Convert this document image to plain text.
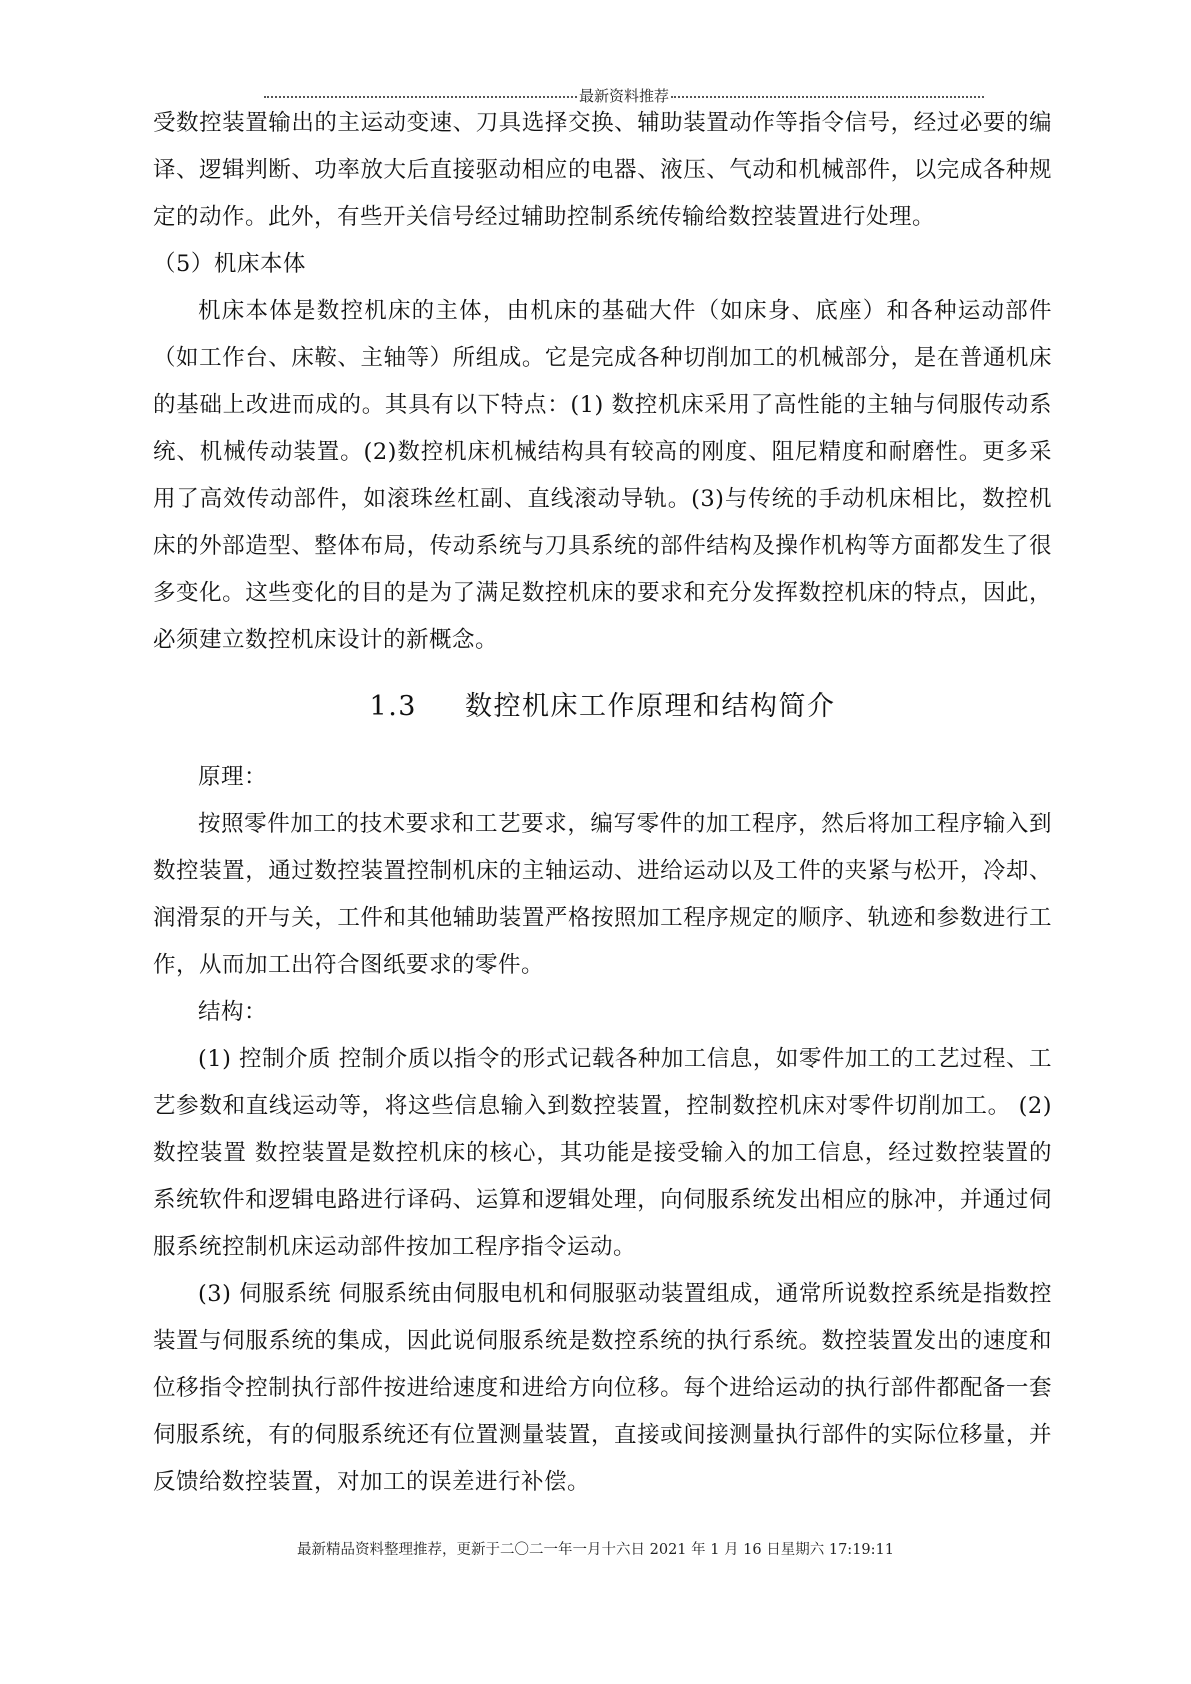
最新资料推荐

受数控装置输出的主运动变速、刀具选择交换、辅助装置动作等指令信号，经过必要的编译、逻辑判断、功率放大后直接驱动相应的电器、液压、气动和机械部件，以完成各种规定的动作。此外，有些开关信号经过辅助控制系统传输给数控装置进行处理。

（5）机床本体

机床本体是数控机床的主体，由机床的基础大件（如床身、底座）和各种运动部件（如工作台、床鞍、主轴等）所组成。它是完成各种切削加工的机械部分，是在普通机床的基础上改进而成的。其具有以下特点：(1) 数控机床采用了高性能的主轴与伺服传动系统、机械传动装置。(2)数控机床机械结构具有较高的刚度、阻尼精度和耐磨性。更多采用了高效传动部件，如滚珠丝杠副、直线滚动导轨。(3)与传统的手动机床相比，数控机床的外部造型、整体布局，传动系统与刀具系统的部件结构及操作机构等方面都发生了很多变化。这些变化的目的是为了满足数控机床的要求和充分发挥数控机床的特点，因此，必须建立数控机床设计的新概念。

1.3 数控机床工作原理和结构简介

原理：

按照零件加工的技术要求和工艺要求，编写零件的加工程序，然后将加工程序输入到数控装置，通过数控装置控制机床的主轴运动、进给运动以及工件的夹紧与松开，冷却、润滑泵的开与关，工件和其他辅助装置严格按照加工程序规定的顺序、轨迹和参数进行工作，从而加工出符合图纸要求的零件。

结构：

(1) 控制介质 控制介质以指令的形式记载各种加工信息，如零件加工的工艺过程、工艺参数和直线运动等，将这些信息输入到数控装置，控制数控机床对零件切削加工。 (2) 数控装置 数控装置是数控机床的核心，其功能是接受输入的加工信息，经过数控装置的系统软件和逻辑电路进行译码、运算和逻辑处理，向伺服系统发出相应的脉冲，并通过伺服系统控制机床运动部件按加工程序指令运动。

(3) 伺服系统 伺服系统由伺服电机和伺服驱动装置组成，通常所说数控系统是指数控装置与伺服系统的集成，因此说伺服系统是数控系统的执行系统。数控装置发出的速度和位移指令控制执行部件按进给速度和进给方向位移。每个进给运动的执行部件都配备一套伺服系统，有的伺服系统还有位置测量装置，直接或间接测量执行部件的实际位移量，并反馈给数控装置，对加工的误差进行补偿。

最新精品资料整理推荐，更新于二〇二一年一月十六日 2021 年 1 月 16 日星期六 17:19:11
